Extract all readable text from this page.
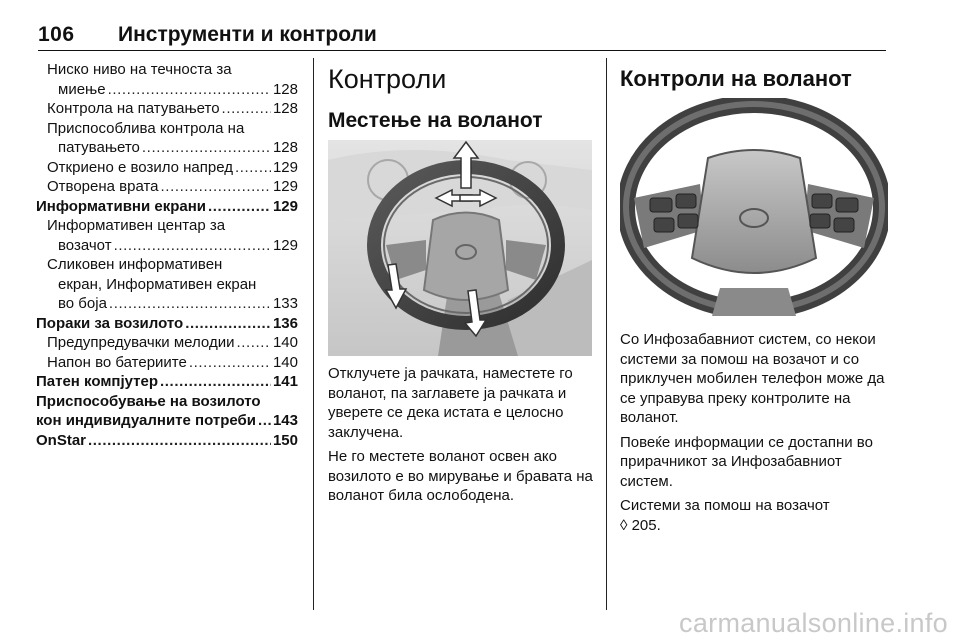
106 Инструменти и контроли
Ниско ниво на течноста за
миење .....	128
Контрола на патувањето .....	128
Приспособлива контрола на
патувањето .....	128
Откриено е возило напред .....	129
Отворена врата .....	129
Информативни екрани .....	129
Информативен центар за
возачот .....	129
Сликовен информативен
екран, Информативен екран
во боја .....	133
Пораки за возилото .....	136
Предупредувачки мелодии .....	140
Напон во батериите .....	140
Патен компјутер .....	141
Приспособување на возилото
кон индивидуалните потреби ..... 143
OnStar .....	150
Контроли
Местење на воланот

Отклучете ја рачката, наместете го воланот, па заглавете ја рачката и уверете се дека истата е целосно заклучена.

Не го местете воланот освен ако возилото е во мирување и бравата на воланот била ослободена.

Контроли на воланот

Со Инфозабавниот систем, со некои системи за помош на возачот и со приклучен мобилен телефон може да се управува преку контролите на воланот.

Повеќе информации се достапни во прирачникот за Инфозабавниот систем.

Системи за помош на возачот
◊ 205.

carmanualsonline.info
